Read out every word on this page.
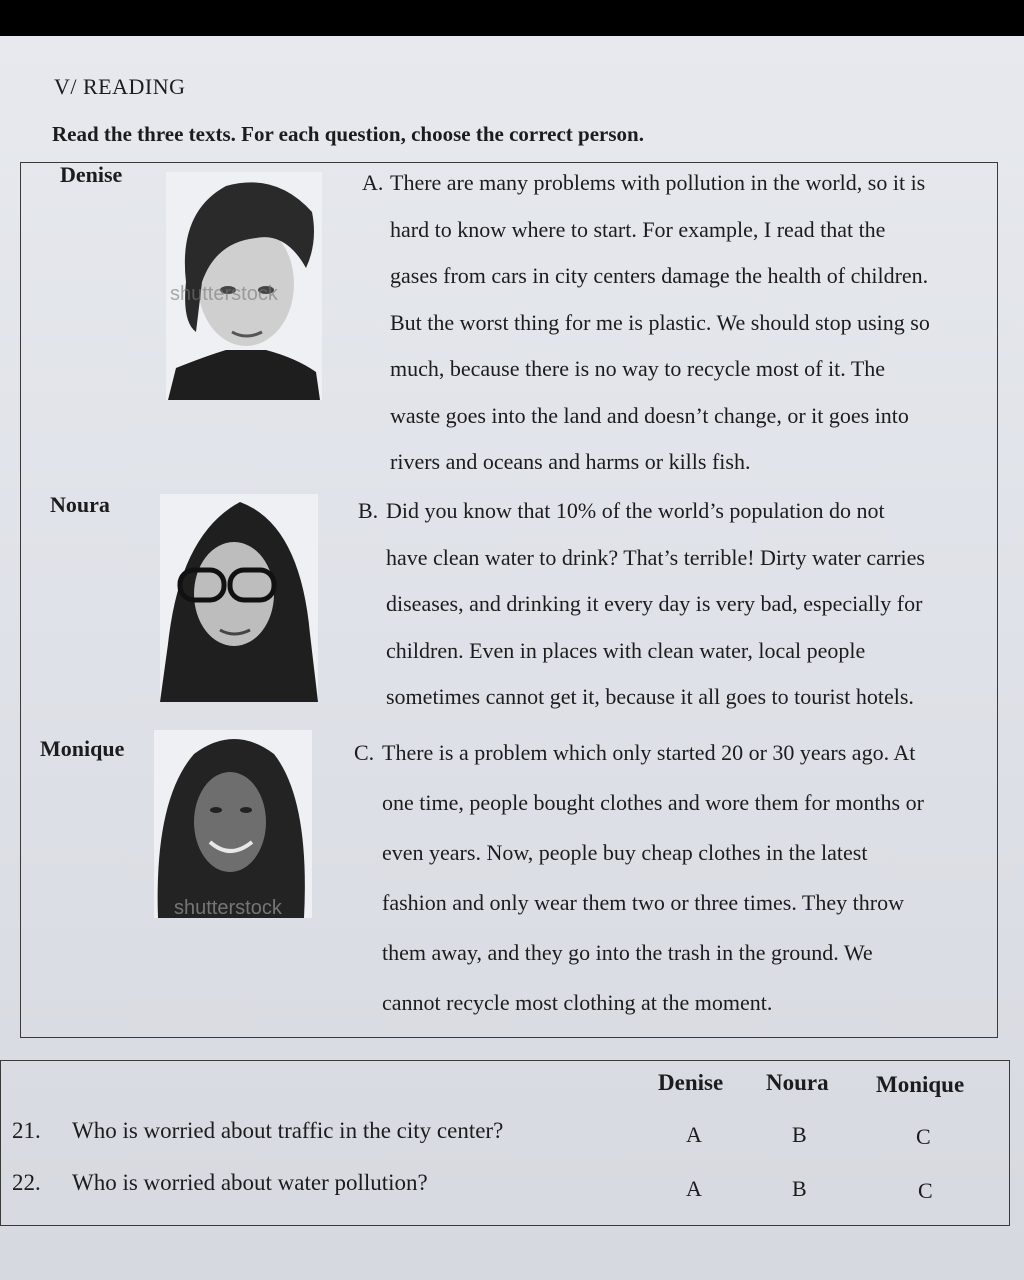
V/ READING
Read the three texts. For each question, choose the correct person.
Denise
shutterstock
Noura
Monique
shutterstock
A. There are many problems with pollution in the world, so it is
hard to know where to start. For example, I read that the
gases from cars in city centers damage the health of children.
But the worst thing for me is plastic. We should stop using so
much, because there is no way to recycle most of it. The
waste goes into the land and doesn’t change, or it goes into
rivers and oceans and harms or kills fish.
B. Did you know that 10% of the world’s population do not
have clean water to drink? That’s terrible! Dirty water carries
diseases, and drinking it every day is very bad, especially for
children. Even in places with clean water, local people
sometimes cannot get it, because it all goes to tourist hotels.
C. There is a problem which only started 20 or 30 years ago. At
one time, people bought clothes and wore them for months or
even years. Now, people buy cheap clothes in the latest
fashion and only wear them two or three times. They throw
them away, and they go into the trash in the ground. We
cannot recycle most clothing at the moment.
Denise Noura Monique
21. Who is worried about traffic in the city center?	A	B	C
22. Who is worried about water pollution?	A	B	C
